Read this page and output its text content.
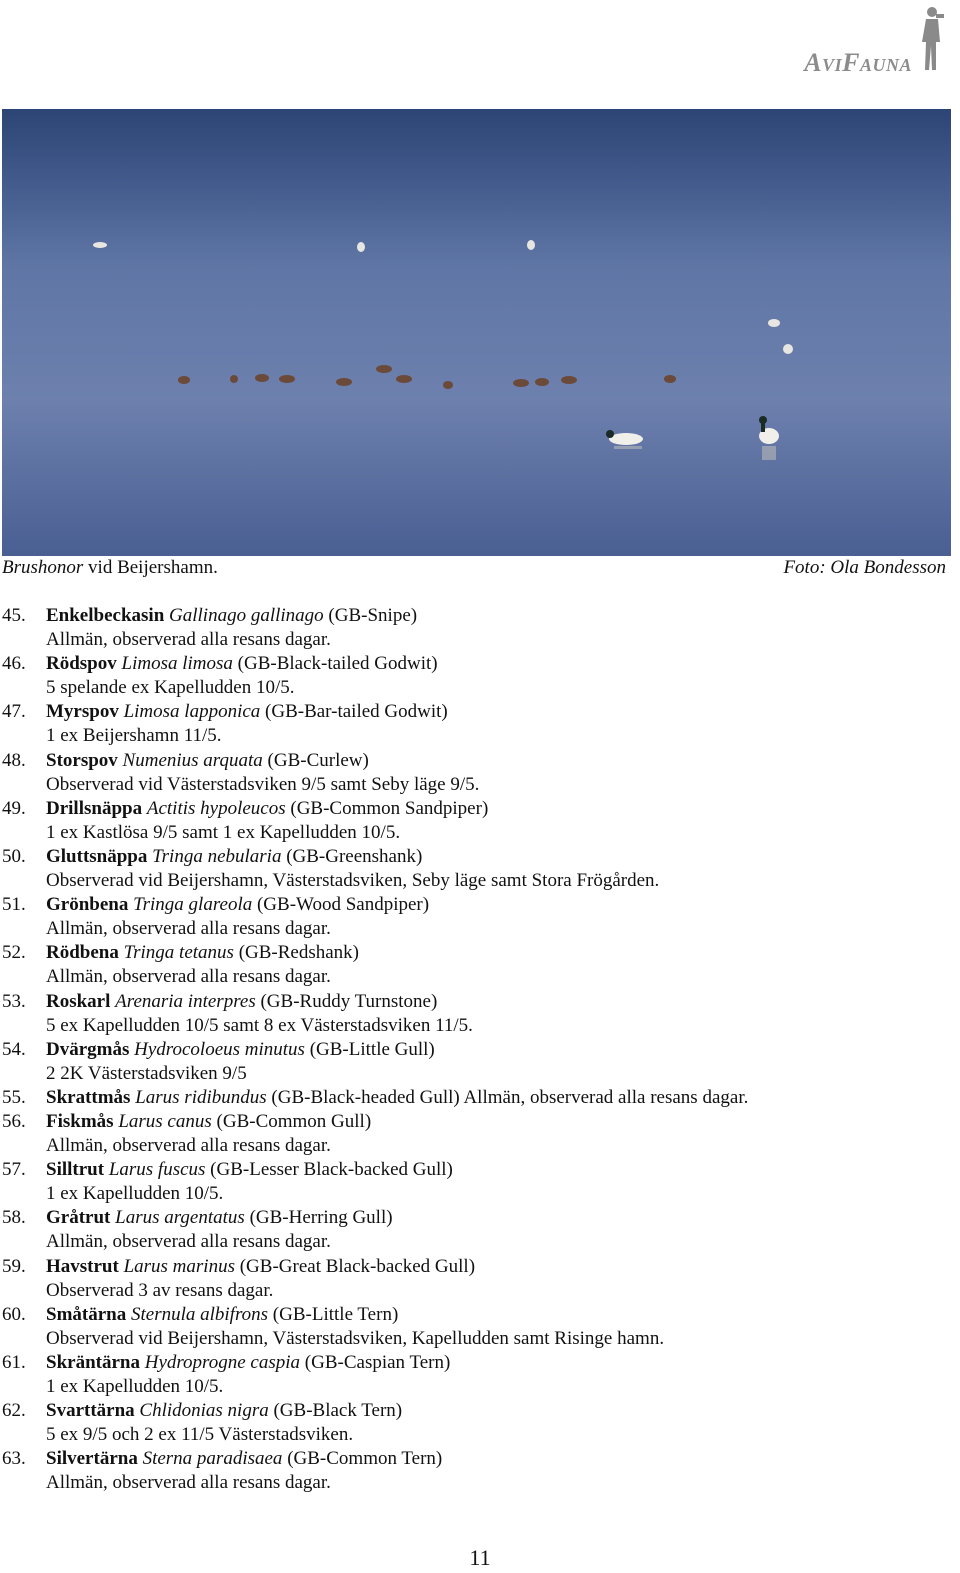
AviFauna
Brushonor vid Beijershamn.	Foto: Ola Bondesson
45. Enkelbeckasin Gallinago gallinago (GB-Snipe)
Allmän, observerad alla resans dagar.
46. Rödspov Limosa limosa (GB-Black-tailed Godwit)
5 spelande ex Kapelludden 10/5.
47. Myrspov Limosa lapponica (GB-Bar-tailed Godwit)
1 ex Beijershamn 11/5.
48. Storspov Numenius arquata (GB-Curlew)
Observerad vid Västerstadsviken 9/5 samt Seby läge 9/5.
49. Drillsnäppa Actitis hypoleucos (GB-Common Sandpiper)
1 ex Kastlösa 9/5 samt 1 ex Kapelludden 10/5.
50. Gluttsnäppa Tringa nebularia (GB-Greenshank)
Observerad vid Beijershamn, Västerstadsviken, Seby läge samt Stora Frögården.
51. Grönbena Tringa glareola (GB-Wood Sandpiper)
Allmän, observerad alla resans dagar.
52. Rödbena Tringa tetanus (GB-Redshank)
Allmän, observerad alla resans dagar.
53. Roskarl Arenaria interpres (GB-Ruddy Turnstone)
5 ex Kapelludden 10/5 samt 8 ex Västerstadsviken 11/5.
54. Dvärgmås Hydrocoloeus minutus (GB-Little Gull)
2 2K Västerstadsviken 9/5
55. Skrattmås Larus ridibundus (GB-Black-headed Gull) Allmän, observerad alla resans dagar.
56. Fiskmås Larus canus (GB-Common Gull)
Allmän, observerad alla resans dagar.
57. Silltrut Larus fuscus (GB-Lesser Black-backed Gull)
1 ex Kapelludden 10/5.
58. Gråtrut Larus argentatus (GB-Herring Gull)
Allmän, observerad alla resans dagar.
59. Havstrut Larus marinus (GB-Great Black-backed Gull)
Observerad 3 av resans dagar.
60. Småtärna Sternula albifrons (GB-Little Tern)
Observerad vid Beijershamn, Västerstadsviken, Kapelludden samt Risinge hamn.
61. Skräntärna Hydroprogne caspia (GB-Caspian Tern)
1 ex Kapelludden 10/5.
62. Svarttärna Chlidonias nigra (GB-Black Tern)
5 ex 9/5 och 2 ex 11/5 Västerstadsviken.
63. Silvertärna Sterna paradisaea (GB-Common Tern)
Allmän, observerad alla resans dagar.
11
